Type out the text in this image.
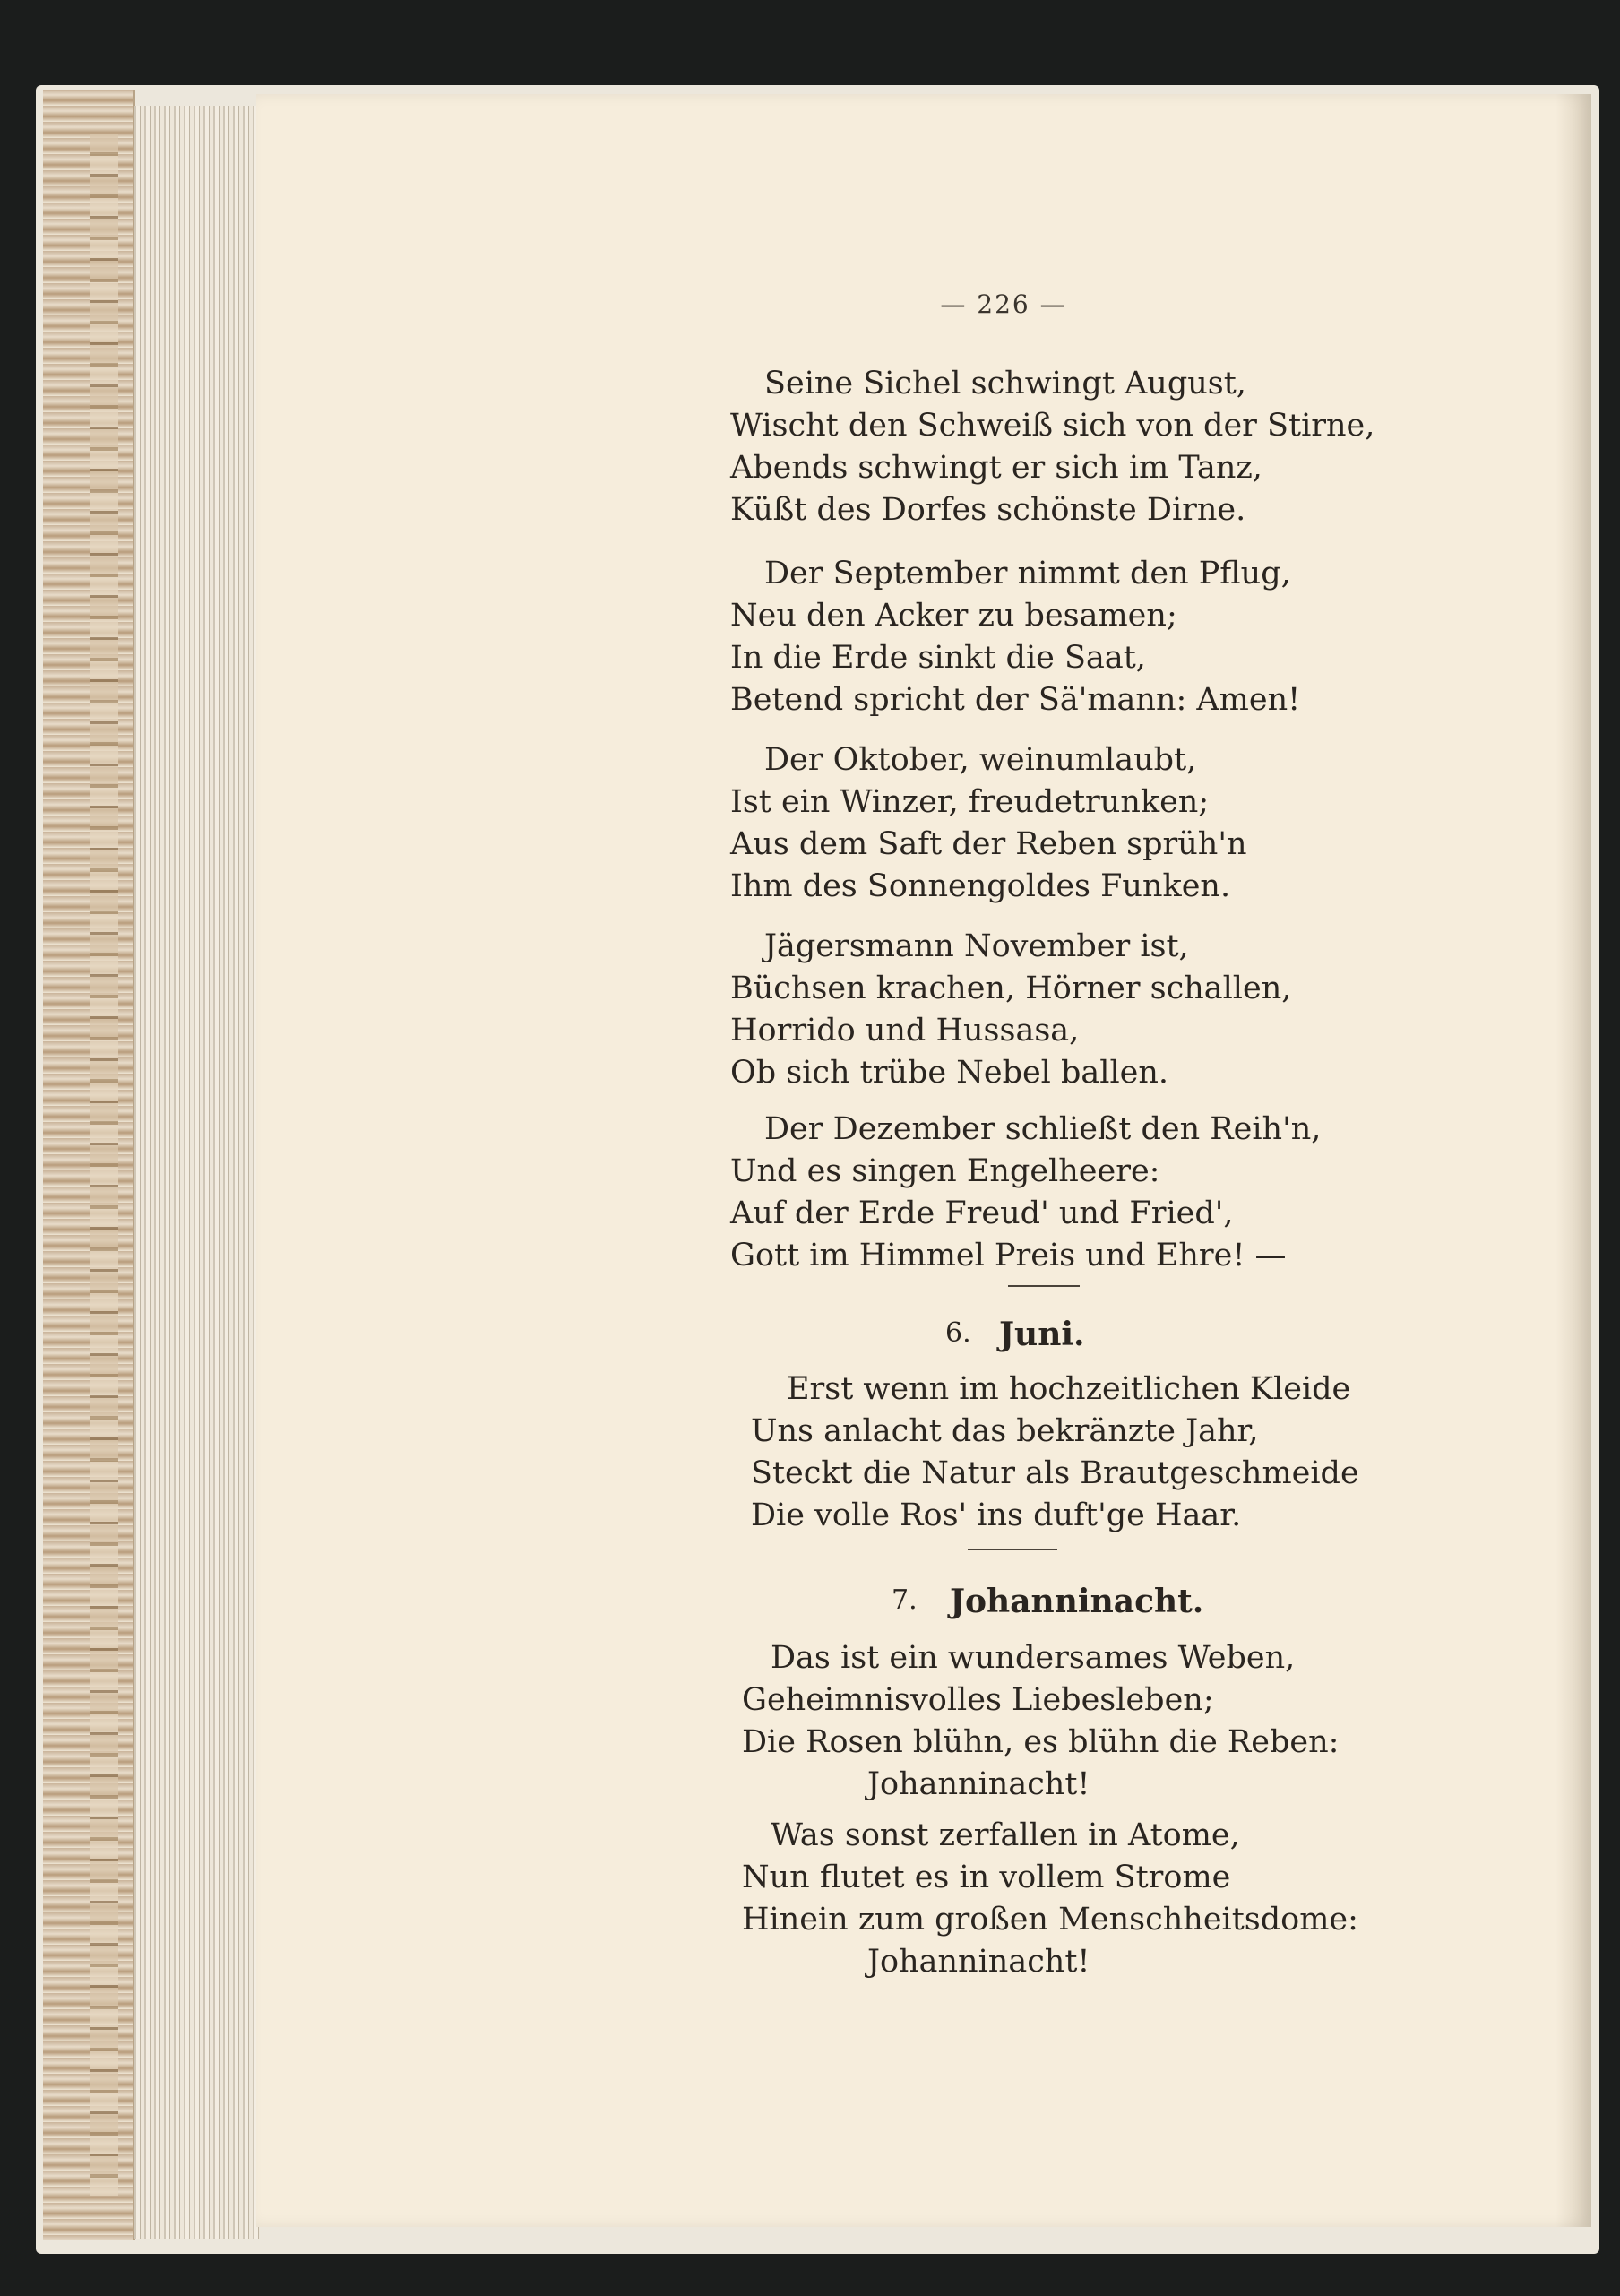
— 226 —
Seine Sichel schwingt August,
Wischt den Schweiß sich von der Stirne,
Abends schwingt er sich im Tanz,
Küßt des Dorfes schönste Dirne.
Der September nimmt den Pflug,
Neu den Acker zu besamen;
In die Erde sinkt die Saat,
Betend spricht der Sä'mann: Amen!
Der Oktober, weinumlaubt,
Ist ein Winzer, freudetrunken;
Aus dem Saft der Reben sprüh'n
Ihm des Sonnengoldes Funken.
Jägersmann November ist,
Büchsen krachen, Hörner schallen,
Horrido und Hussasa,
Ob sich trübe Nebel ballen.
Der Dezember schließt den Reih'n,
Und es singen Engelheere:
Auf der Erde Freud' und Fried',
Gott im Himmel Preis und Ehre! —
6. Juni.
Erst wenn im hochzeitlichen Kleide
Uns anlacht das bekränzte Jahr,
Steckt die Natur als Brautgeschmeide
Die volle Ros' ins duft'ge Haar.
7. Johanninacht.
Das ist ein wundersames Weben,
Geheimnisvolles Liebesleben;
Die Rosen blühn, es blühn die Reben:
Johanninacht!
Was sonst zerfallen in Atome,
Nun flutet es in vollem Strome
Hinein zum großen Menschheitsdome:
Johanninacht!
